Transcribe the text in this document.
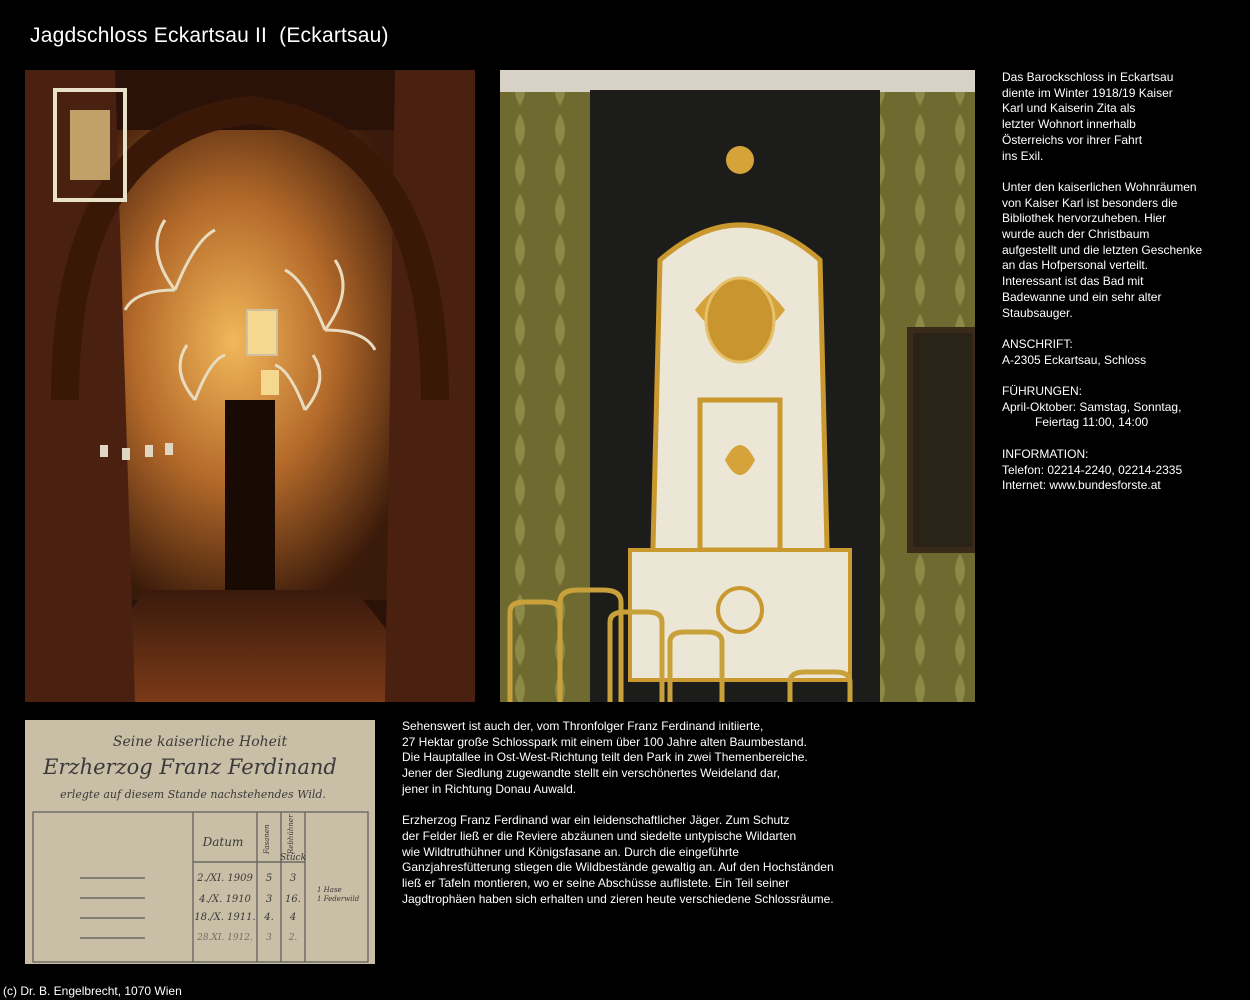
Jagdschloss Eckartsau II  (Eckartsau)
Seine kaiserliche Hoheit
Erzherzog Franz Ferdinand
erlegte auf diesem Stande nachstehendes Wild.
Datum	Fasanen Rebhühner
Stück
2./XI. 1909 5 3
4./X. 1910 3 16.
18./X. 1911. 4. 4
28.XI. 1912. 3 2.
1 Hase
1 Federwild

Das Barockschloss in Eckartsau
diente im Winter 1918/19 Kaiser
Karl und Kaiserin Zita als
letzter Wohnort innerhalb
Österreichs vor ihrer Fahrt
ins Exil.

Unter den kaiserlichen Wohnräumen
von Kaiser Karl ist besonders die
Bibliothek hervorzuheben. Hier
wurde auch der Christbaum
aufgestellt und die letzten Geschenke
an das Hofpersonal verteilt.
Interessant ist das Bad mit
Badewanne und ein sehr alter
Staubsauger.

ANSCHRIFT:
A-2305 Eckartsau, Schloss

FÜHRUNGEN:
April-Oktober: Samstag, Sonntag,
Feiertag 11:00, 14:00

INFORMATION:
Telefon: 02214-2240, 02214-2335
Internet: www.bundesforste.at

Sehenswert ist auch der, vom Thronfolger Franz Ferdinand initiierte,
27 Hektar große Schlosspark mit einem über 100 Jahre alten Baumbestand.
Die Hauptallee in Ost-West-Richtung teilt den Park in zwei Themenbereiche.
Jener der Siedlung zugewandte stellt ein verschönertes Weideland dar,
jener in Richtung Donau Auwald.

Erzherzog Franz Ferdinand war ein leidenschaftlicher Jäger. Zum Schutz
der Felder ließ er die Reviere abzäunen und siedelte untypische Wildarten
wie Wildtruthühner und Königsfasane an. Durch die eingeführte
Ganzjahresfütterung stiegen die Wildbestände gewaltig an. Auf den Hochständen
ließ er Tafeln montieren, wo er seine Abschüsse auflistete. Ein Teil seiner
Jagdtrophäen haben sich erhalten und zieren heute verschiedene Schlossräume.

(c) Dr. B. Engelbrecht, 1070 Wien
